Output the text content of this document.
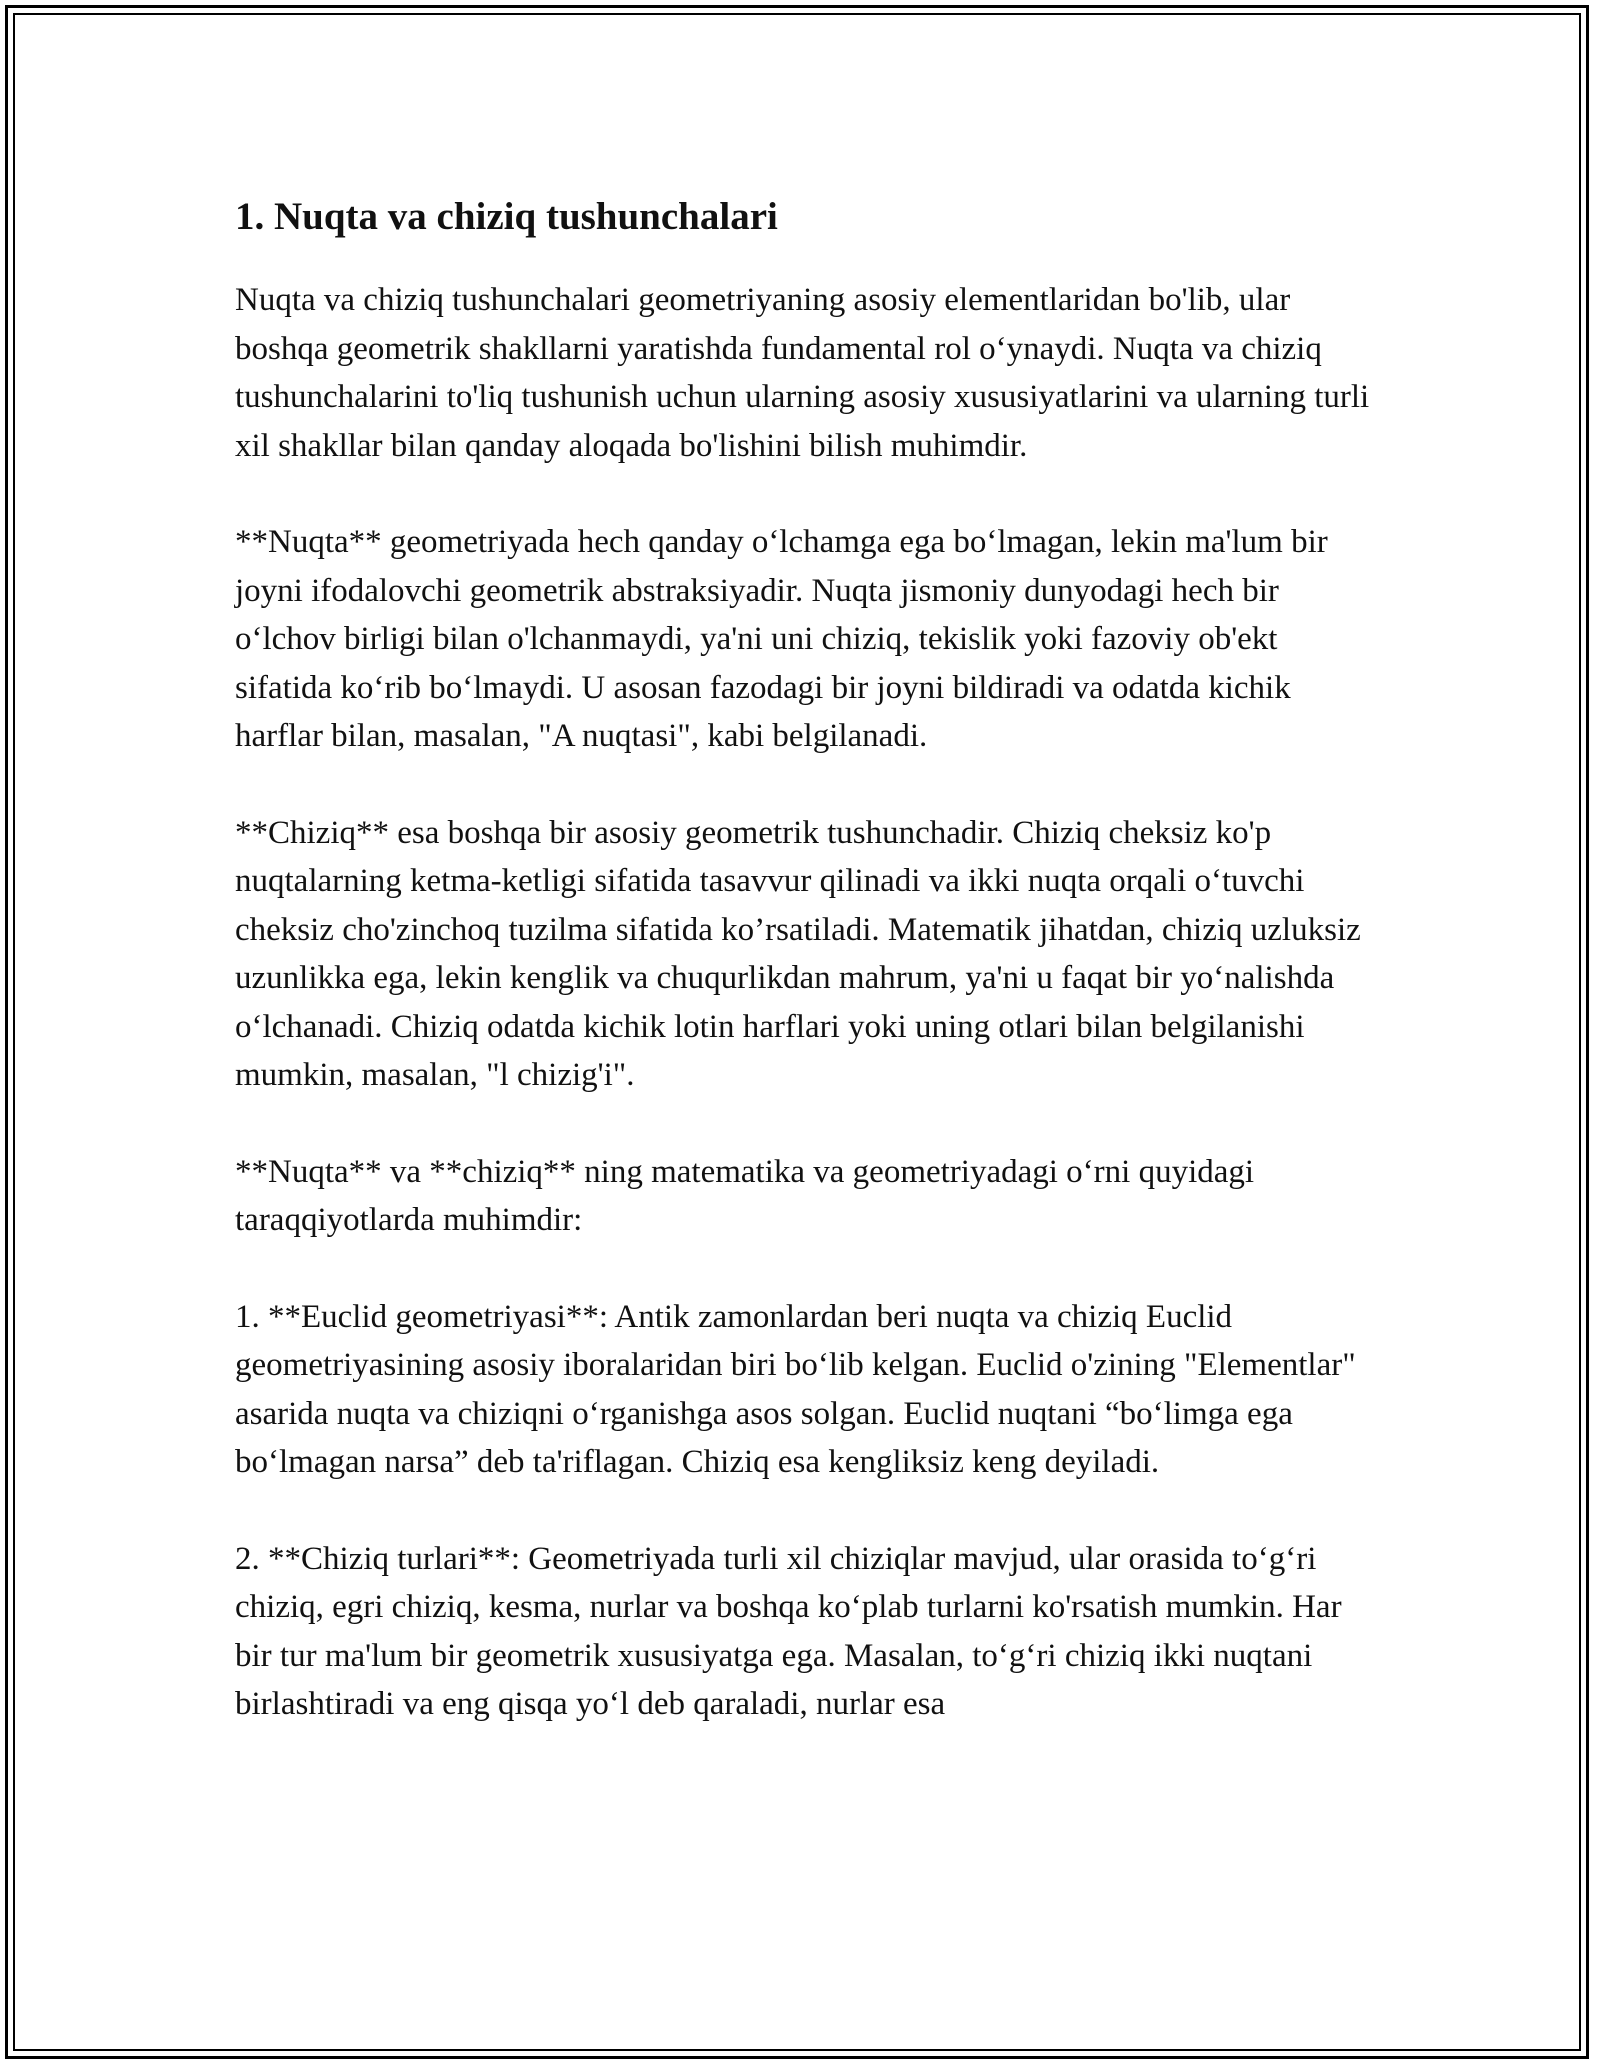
1. Nuqta va chiziq tushunchalari

Nuqta va chiziq tushunchalari geometriyaning asosiy elementlaridan bo'lib, ular boshqa geometrik shakllarni yaratishda fundamental rol o‘ynaydi. Nuqta va chiziq tushunchalarini to'liq tushunish uchun ularning asosiy xususiyatlarini va ularning turli xil shakllar bilan qanday aloqada bo'lishini bilish muhimdir.

**Nuqta** geometriyada hech qanday o‘lchamga ega bo‘lmagan, lekin ma'lum bir joyni ifodalovchi geometrik abstraksiyadir. Nuqta jismoniy dunyodagi hech bir o‘lchov birligi bilan o'lchanmaydi, ya'ni uni chiziq, tekislik yoki fazoviy ob'ekt sifatida ko‘rib bo‘lmaydi. U asosan fazodagi bir joyni bildiradi va odatda kichik harflar bilan, masalan, "A nuqtasi", kabi belgilanadi.

**Chiziq** esa boshqa bir asosiy geometrik tushunchadir. Chiziq cheksiz ko'p nuqtalarning ketma-ketligi sifatida tasavvur qilinadi va ikki nuqta orqali o‘tuvchi cheksiz cho'zinchoq tuzilma sifatida ko’rsatiladi. Matematik jihatdan, chiziq uzluksiz uzunlikka ega, lekin kenglik va chuqurlikdan mahrum, ya'ni u faqat bir yo‘nalishda o‘lchanadi. Chiziq odatda kichik lotin harflari yoki uning otlari bilan belgilanishi mumkin, masalan, "l chizig'i".

**Nuqta** va **chiziq** ning matematika va geometriyadagi o‘rni quyidagi taraqqiyotlarda muhimdir:

1. **Euclid geometriyasi**: Antik zamonlardan beri nuqta va chiziq Euclid geometriyasining asosiy iboralaridan biri bo‘lib kelgan. Euclid o'zining "Elementlar" asarida nuqta va chiziqni o‘rganishga asos solgan. Euclid nuqtani “bo‘limga ega bo‘lmagan narsa” deb ta'riflagan. Chiziq esa kengliksiz keng deyiladi.

2. **Chiziq turlari**: Geometriyada turli xil chiziqlar mavjud, ular orasida to‘g‘ri chiziq, egri chiziq, kesma, nurlar va boshqa ko‘plab turlarni ko'rsatish mumkin. Har bir tur ma'lum bir geometrik xususiyatga ega. Masalan, to‘g‘ri chiziq ikki nuqtani birlashtiradi va eng qisqa yo‘l deb qaraladi, nurlar esa
